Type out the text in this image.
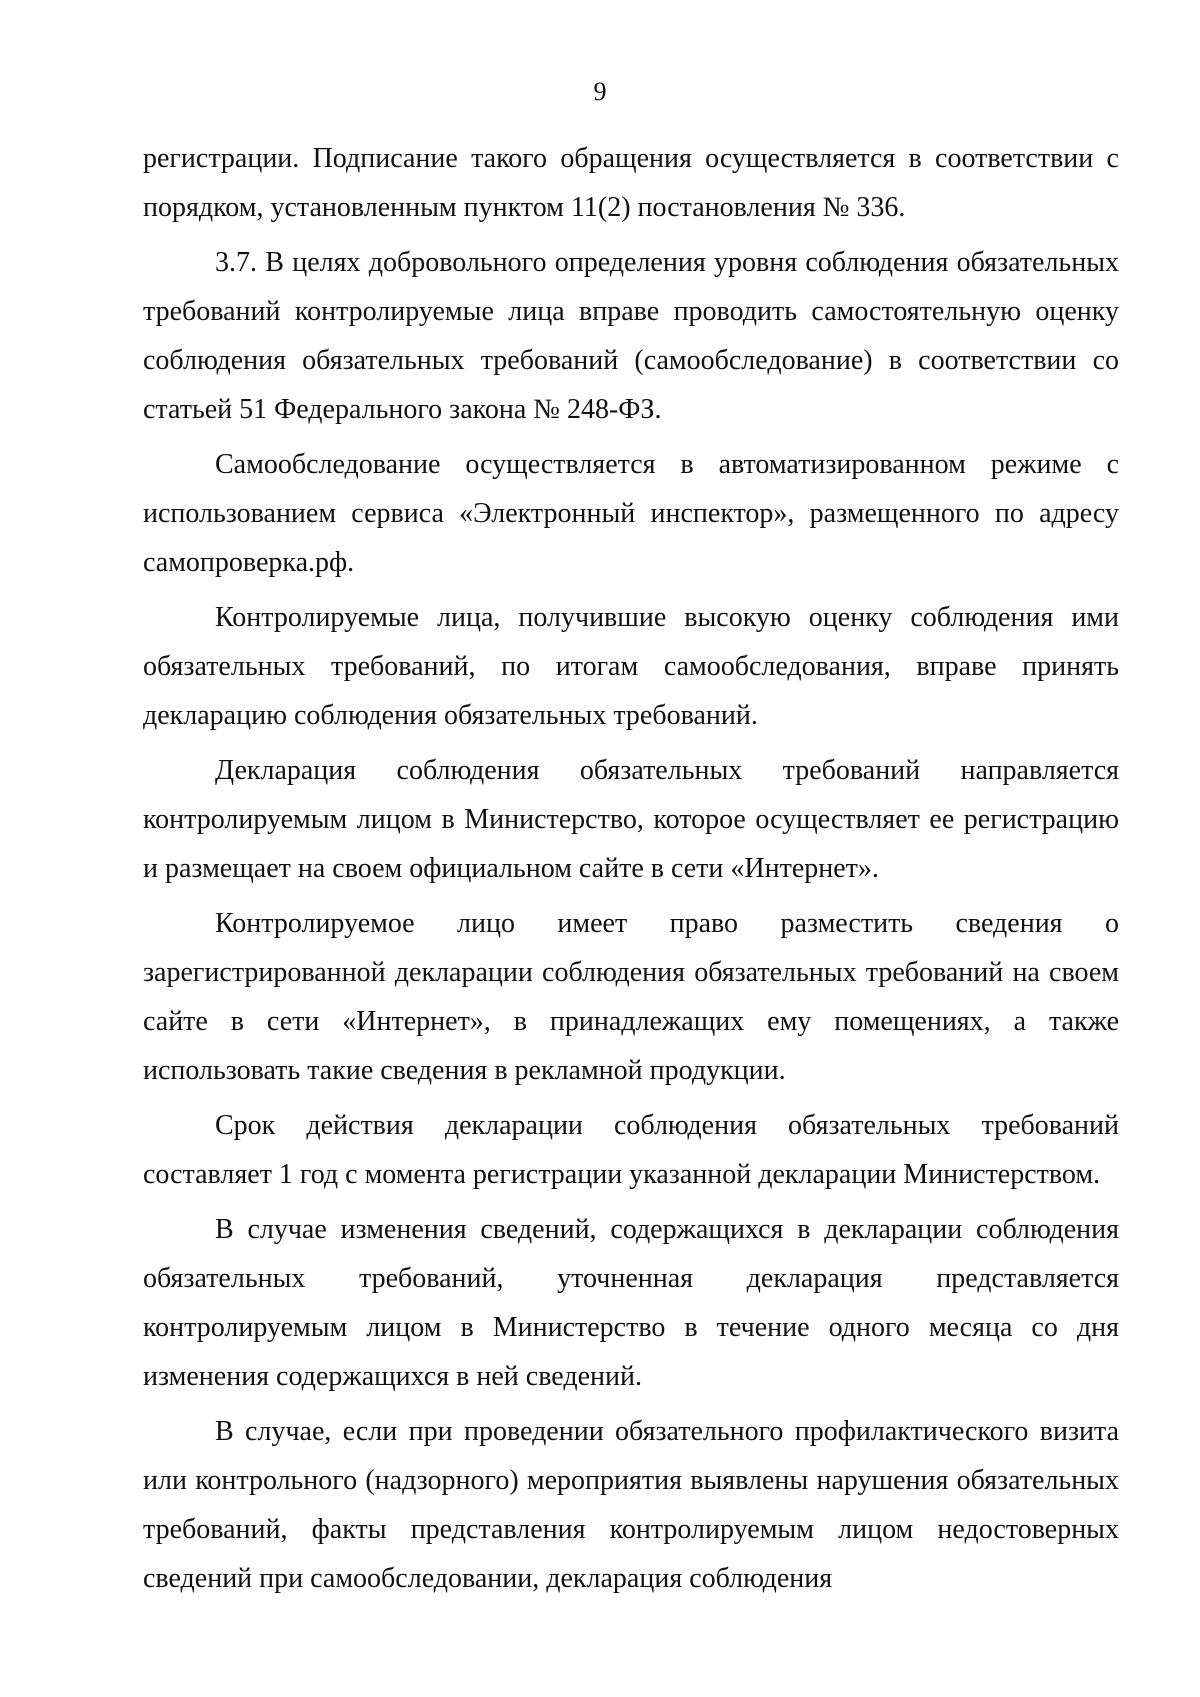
9

регистрации. Подписание такого обращения осуществляется в соответствии с порядком, установленным пунктом 11(2) постановления № 336.

3.7. В целях добровольного определения уровня соблюдения обязательных требований контролируемые лица вправе проводить самостоятельную оценку соблюдения обязательных требований (самообследование) в соответствии со статьей 51 Федерального закона № 248-ФЗ.

Самообследование осуществляется в автоматизированном режиме с использованием сервиса «Электронный инспектор», размещенного по адресу самопроверка.рф.

Контролируемые лица, получившие высокую оценку соблюдения ими обязательных требований, по итогам самообследования, вправе принять декларацию соблюдения обязательных требований.

Декларация соблюдения обязательных требований направляется контролируемым лицом в Министерство, которое осуществляет ее регистрацию и размещает на своем официальном сайте в сети «Интернет».

Контролируемое лицо имеет право разместить сведения о зарегистрированной декларации соблюдения обязательных требований на своем сайте в сети «Интернет», в принадлежащих ему помещениях, а также использовать такие сведения в рекламной продукции.

Срок действия декларации соблюдения обязательных требований составляет 1 год с момента регистрации указанной декларации Министерством.

В случае изменения сведений, содержащихся в декларации соблюдения обязательных требований, уточненная декларация представляется контролируемым лицом в Министерство в течение одного месяца со дня изменения содержащихся в ней сведений.

В случае, если при проведении обязательного профилактического визита или контрольного (надзорного) мероприятия выявлены нарушения обязательных требований, факты представления контролируемым лицом недостоверных сведений при самообследовании, декларация соблюдения
